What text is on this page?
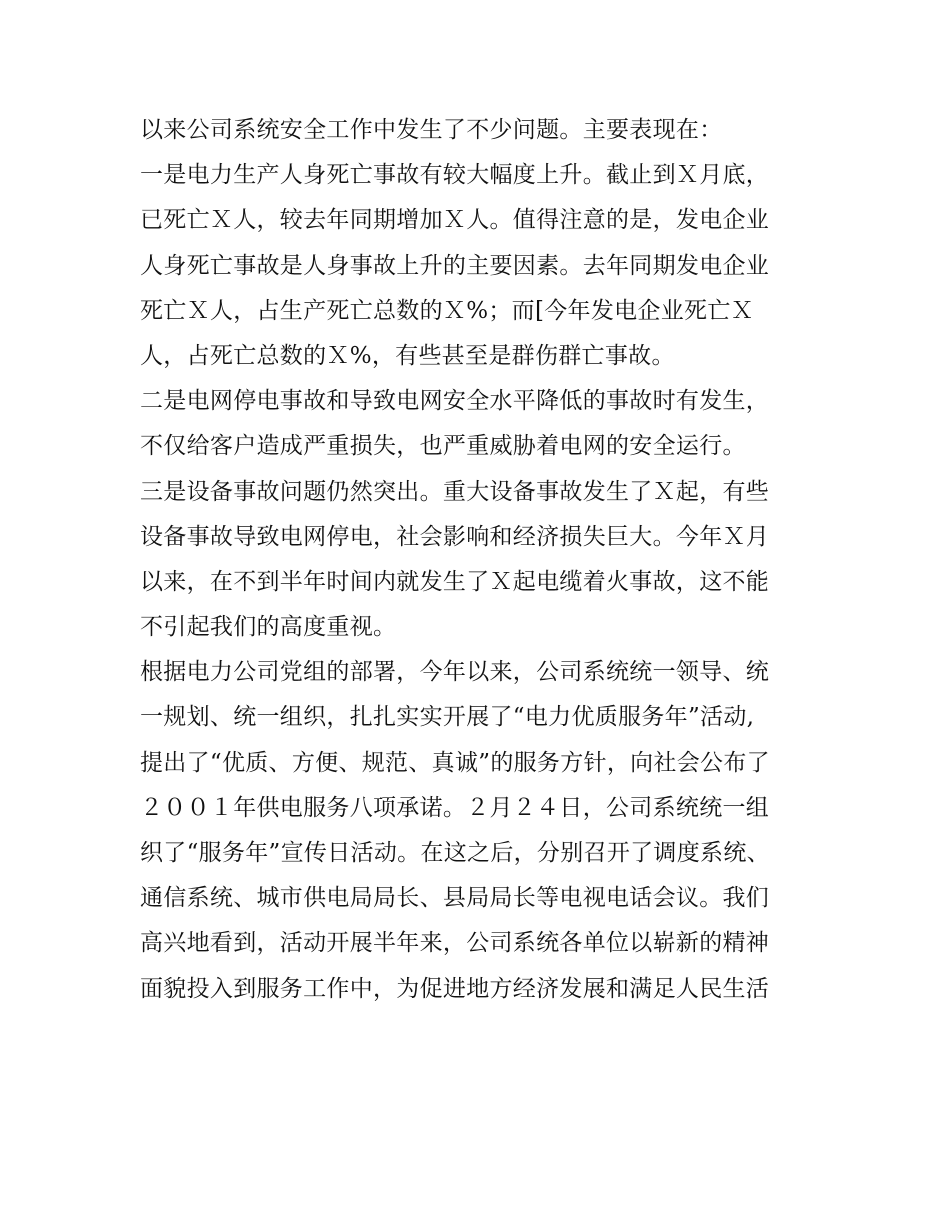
以来公司系统安全工作中发生了不少问题。主要表现在：
一是电力生产人身死亡事故有较大幅度上升。截止到Ｘ月底，
已死亡Ｘ人，较去年同期增加Ｘ人。值得注意的是，发电企业
人身死亡事故是人身事故上升的主要因素。去年同期发电企业
死亡Ｘ人，占生产死亡总数的Ｘ%；而[今年发电企业死亡Ｘ
人，占死亡总数的Ｘ%，有些甚至是群伤群亡事故。
二是电网停电事故和导致电网安全水平降低的事故时有发生，
不仅给客户造成严重损失，也严重威胁着电网的安全运行。
三是设备事故问题仍然突出。重大设备事故发生了Ｘ起，有些
设备事故导致电网停电，社会影响和经济损失巨大。今年Ｘ月
以来，在不到半年时间内就发生了Ｘ起电缆着火事故，这不能
不引起我们的高度重视。
根据电力公司党组的部署，今年以来，公司系统统一领导、统
一规划、统一组织，扎扎实实开展了“电力优质服务年”活动,
提出了“优质、方便、规范、真诚”的服务方针，向社会公布了
２００１年供电服务八项承诺。２月２４日，公司系统统一组
织了“服务年”宣传日活动。在这之后，分别召开了调度系统、
通信系统、城市供电局局长、县局局长等电视电话会议。我们
高兴地看到，活动开展半年来，公司系统各单位以崭新的精神
面貌投入到服务工作中，为促进地方经济发展和满足人民生活
